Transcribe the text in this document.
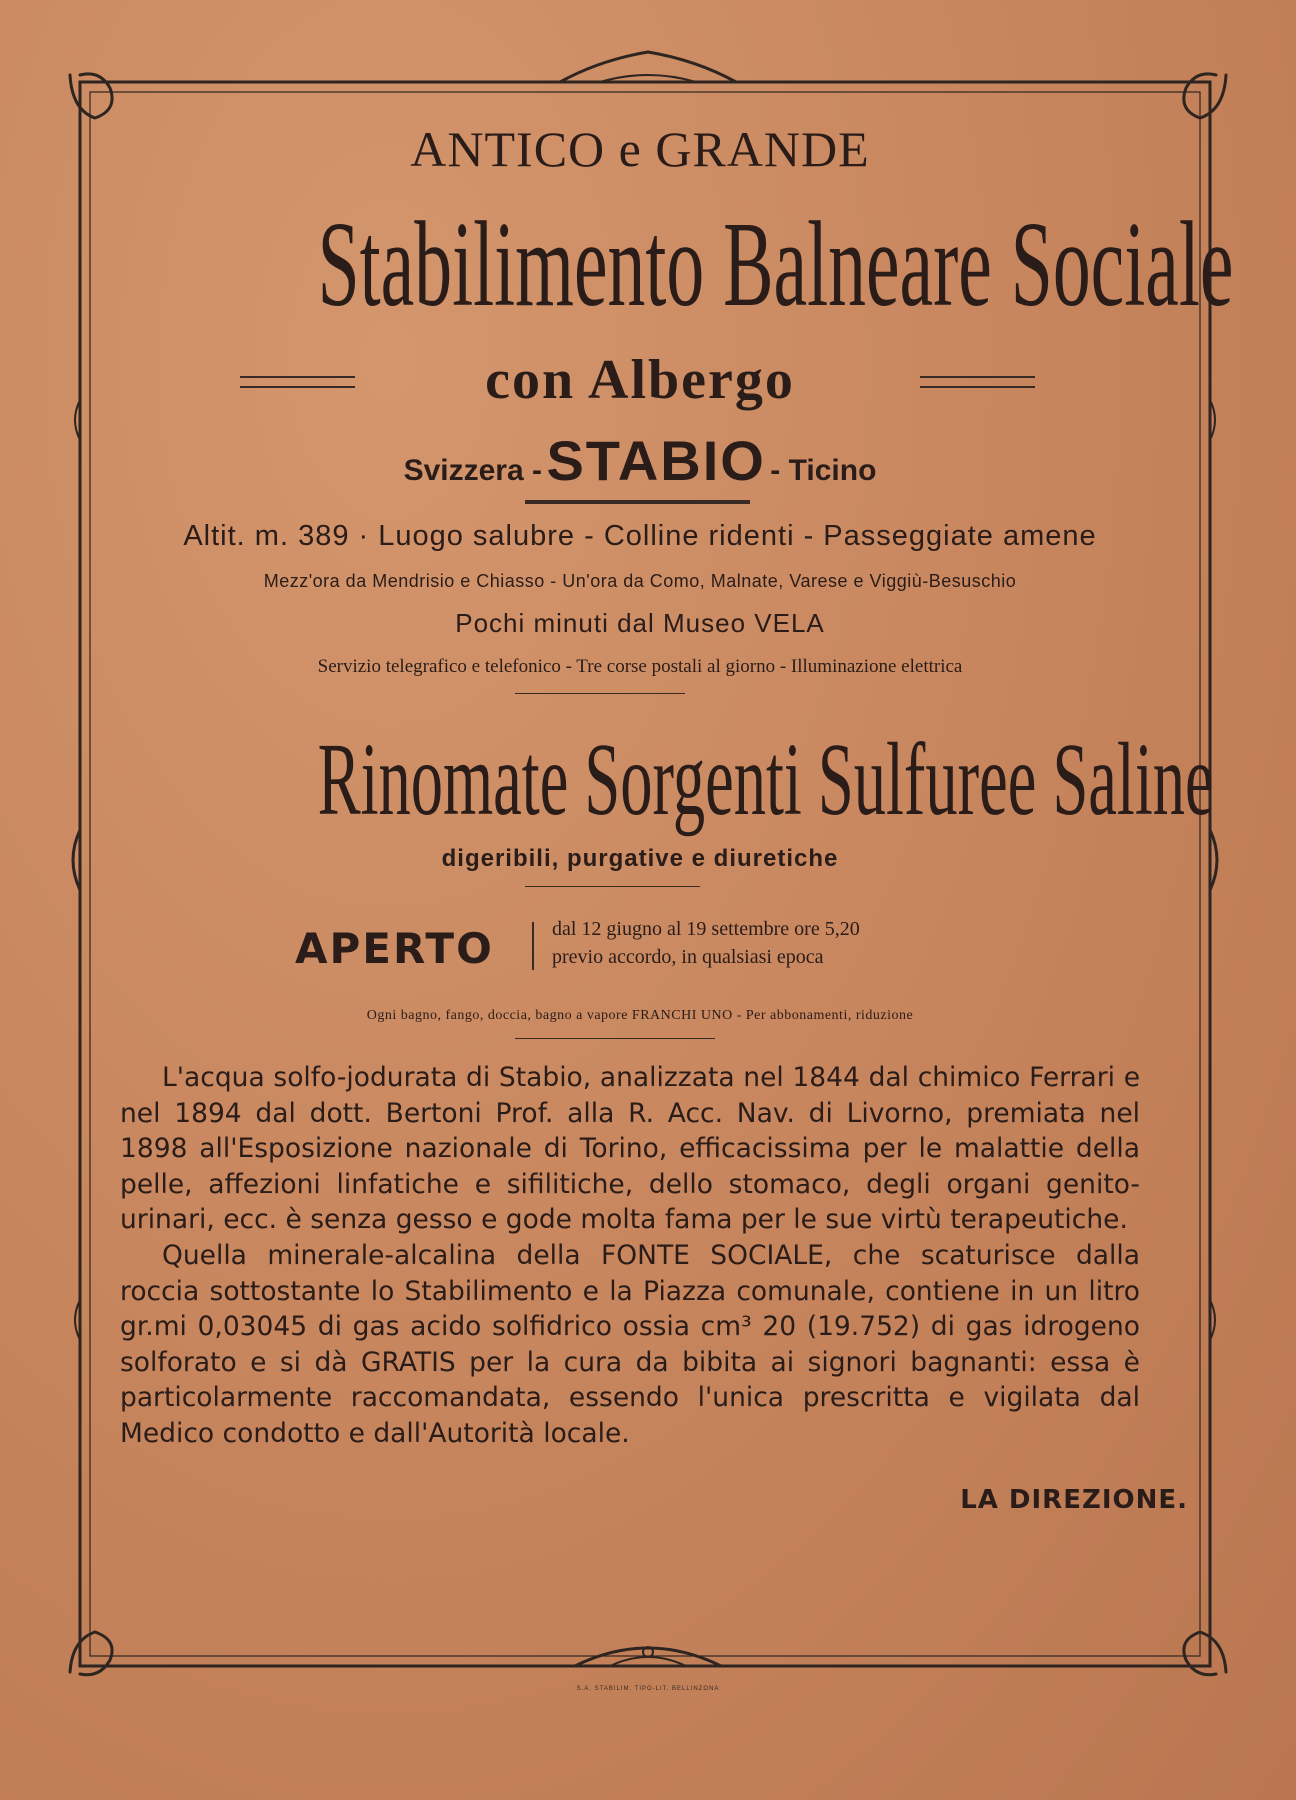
ANTICO e GRANDE
Stabilimento Balneare Sociale
con Albergo
Svizzera - STABIO - Ticino
Altit. m. 389 · Luogo salubre - Colline ridenti - Passeggiate amene
Mezz'ora da Mendrisio e Chiasso - Un'ora da Como, Malnate, Varese e Viggiù-Besuschio
Pochi minuti dal Museo VELA
Servizio telegrafico e telefonico - Tre corse postali al giorno - Illuminazione elettrica
Rinomate Sorgenti Sulfuree Saline
digeribili, purgative e diuretiche
APERTO	dal 12 giugno al 19 settembre ore 5,20
previo accordo, in qualsiasi epoca
Ogni bagno, fango, doccia, bagno a vapore FRANCHI UNO - Per abbonamenti, riduzione

L'acqua solfo-jodurata di Stabio, analizzata nel 1844 dal chimico Ferrari e nel 1894 dal dott. Bertoni Prof. alla R. Acc. Nav. di Livorno, premiata nel 1898 all'Esposizione nazionale di Torino, efficacissima per le malattie della pelle, affezioni linfatiche e sifilitiche, dello stomaco, degli organi genito-urinari, ecc. è senza gesso e gode molta fama per le sue virtù terapeutiche.

Quella minerale-alcalina della FONTE SOCIALE, che scaturisce dalla roccia sottostante lo Stabilimento e la Piazza comunale, contiene in un litro gr.mi 0,03045 di gas acido solfidrico ossia cm³ 20 (19.752) di gas idrogeno solforato e si dà GRATIS per la cura da bibita ai signori bagnanti: essa è particolarmente raccomandata, essendo l'unica prescritta e vigilata dal Medico condotto e dall'Autorità locale.

LA DIREZIONE.
S.A. STABILIM. TIPO-LIT. BELLINZONA
